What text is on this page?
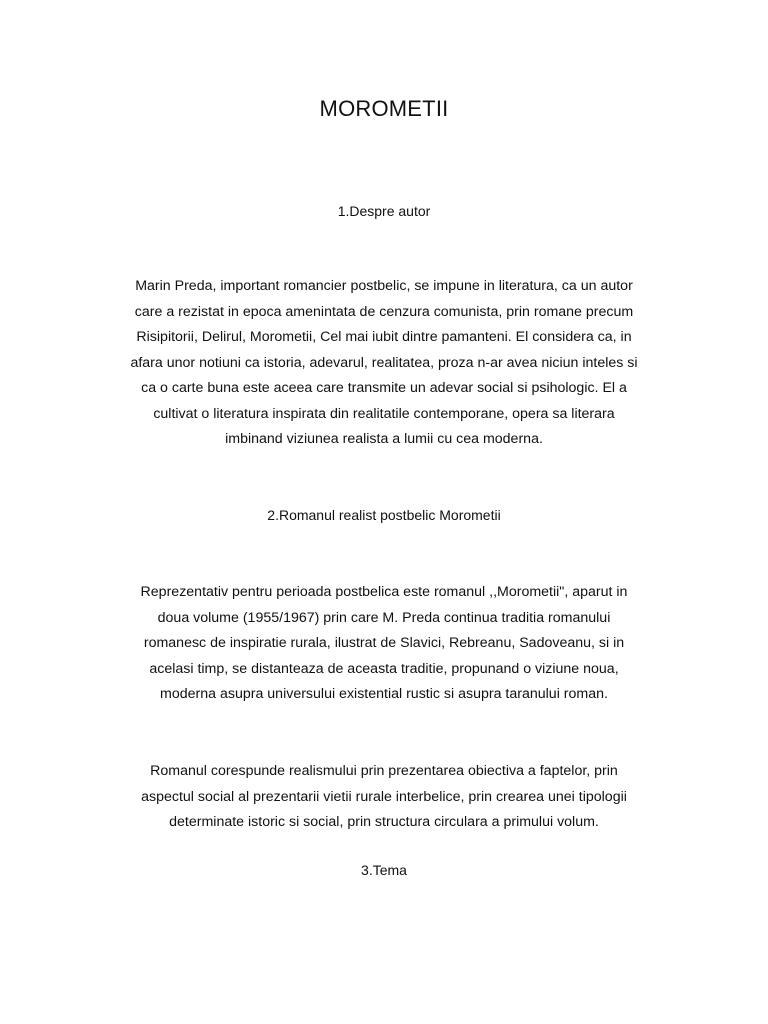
MOROMETII
1.Despre autor
Marin Preda, important romancier postbelic, se impune in literatura, ca un autor
care a rezistat in epoca amenintata de cenzura comunista, prin romane precum
Risipitorii, Delirul, Morometii, Cel mai iubit dintre pamanteni. El considera ca, in
afara unor notiuni ca istoria, adevarul, realitatea, proza n-ar avea niciun inteles si
ca o carte buna este aceea care transmite un adevar social si psihologic. El a
cultivat o literatura inspirata din realitatile contemporane, opera sa literara
imbinand viziunea realista a lumii cu cea moderna.
2.Romanul realist postbelic Morometii
Reprezentativ pentru perioada postbelica este romanul ,,Morometii", aparut in
doua volume (1955/1967) prin care M. Preda continua traditia romanului
romanesc de inspiratie rurala, ilustrat de Slavici, Rebreanu, Sadoveanu, si in
acelasi timp, se distanteaza de aceasta traditie, propunand o viziune noua,
moderna asupra universului existential rustic si asupra taranului roman.
Romanul corespunde realismului prin prezentarea obiectiva a faptelor, prin
aspectul social al prezentarii vietii rurale interbelice, prin crearea unei tipologii
determinate istoric si social, prin structura circulara a primului volum.
3.Tema
